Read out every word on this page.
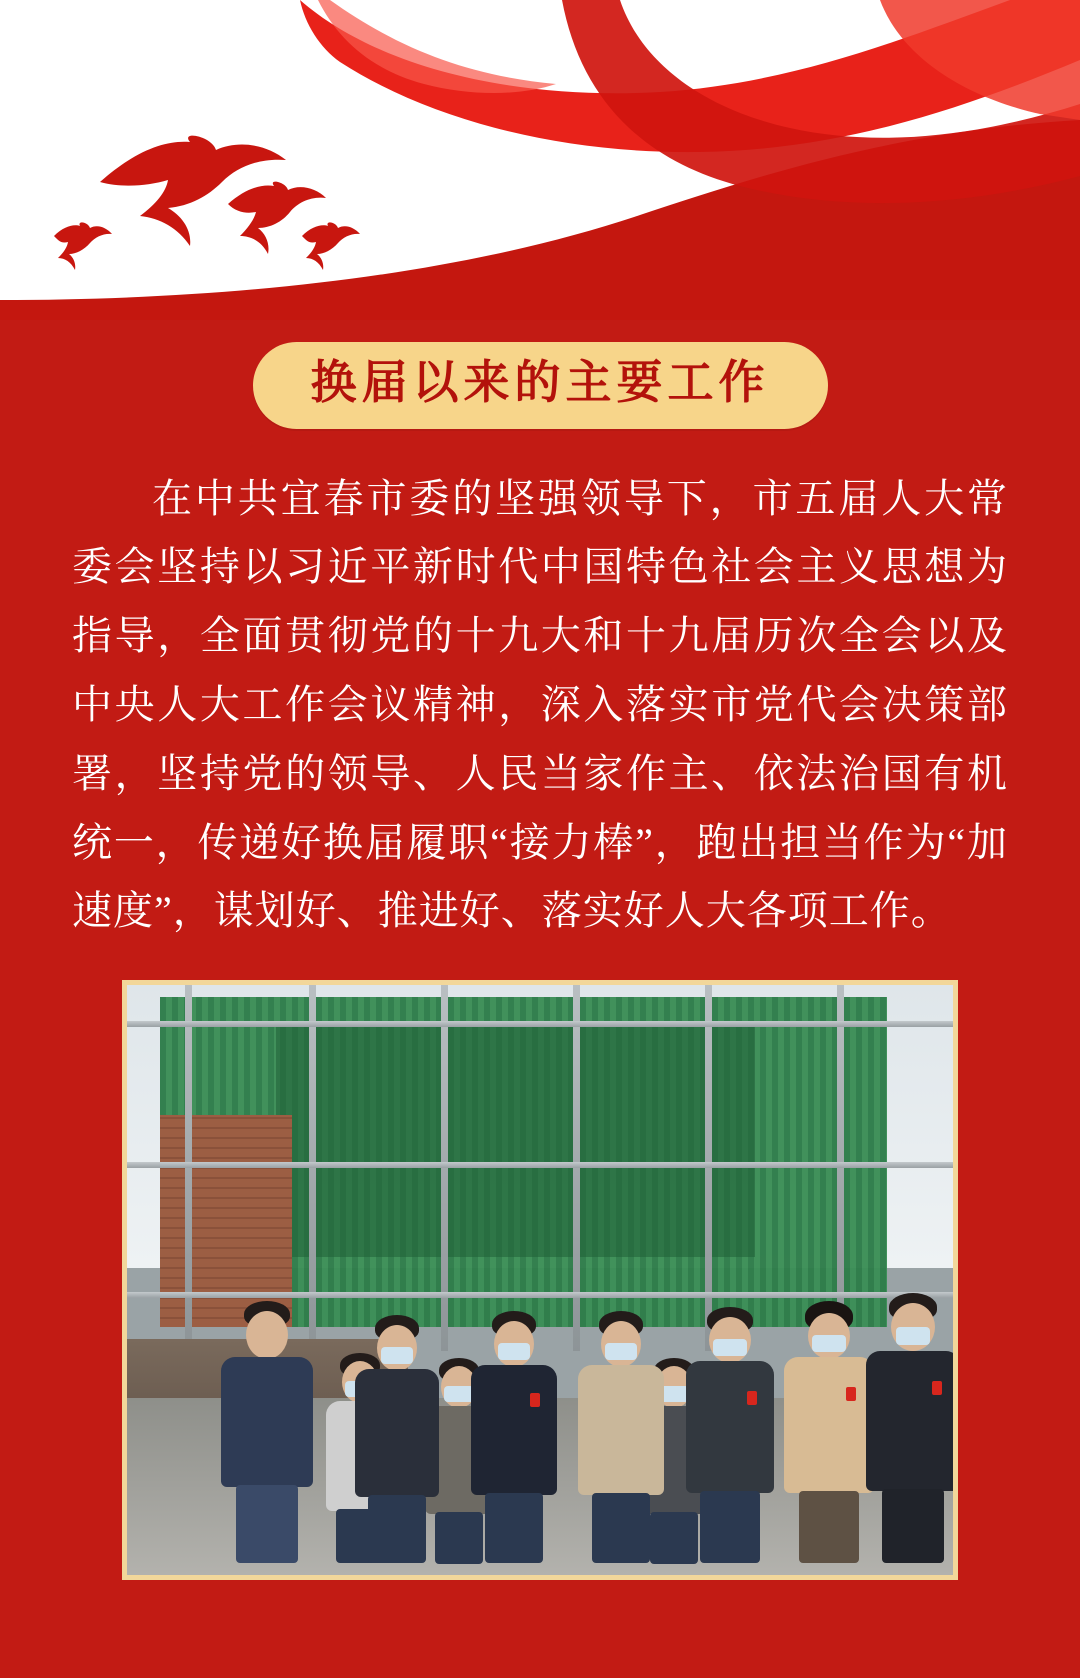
换届以来的主要工作
在中共宜春市委的坚强领导下，市五届人大常委会坚持以习近平新时代中国特色社会主义思想为指导，全面贯彻党的十九大和十九届历次全会以及中央人大工作会议精神，深入落实市党代会决策部署，坚持党的领导、人民当家作主、依法治国有机统一，传递好换届履职“接力棒”，跑出担当作为“加速度”，谋划好、推进好、落实好人大各项工作。
